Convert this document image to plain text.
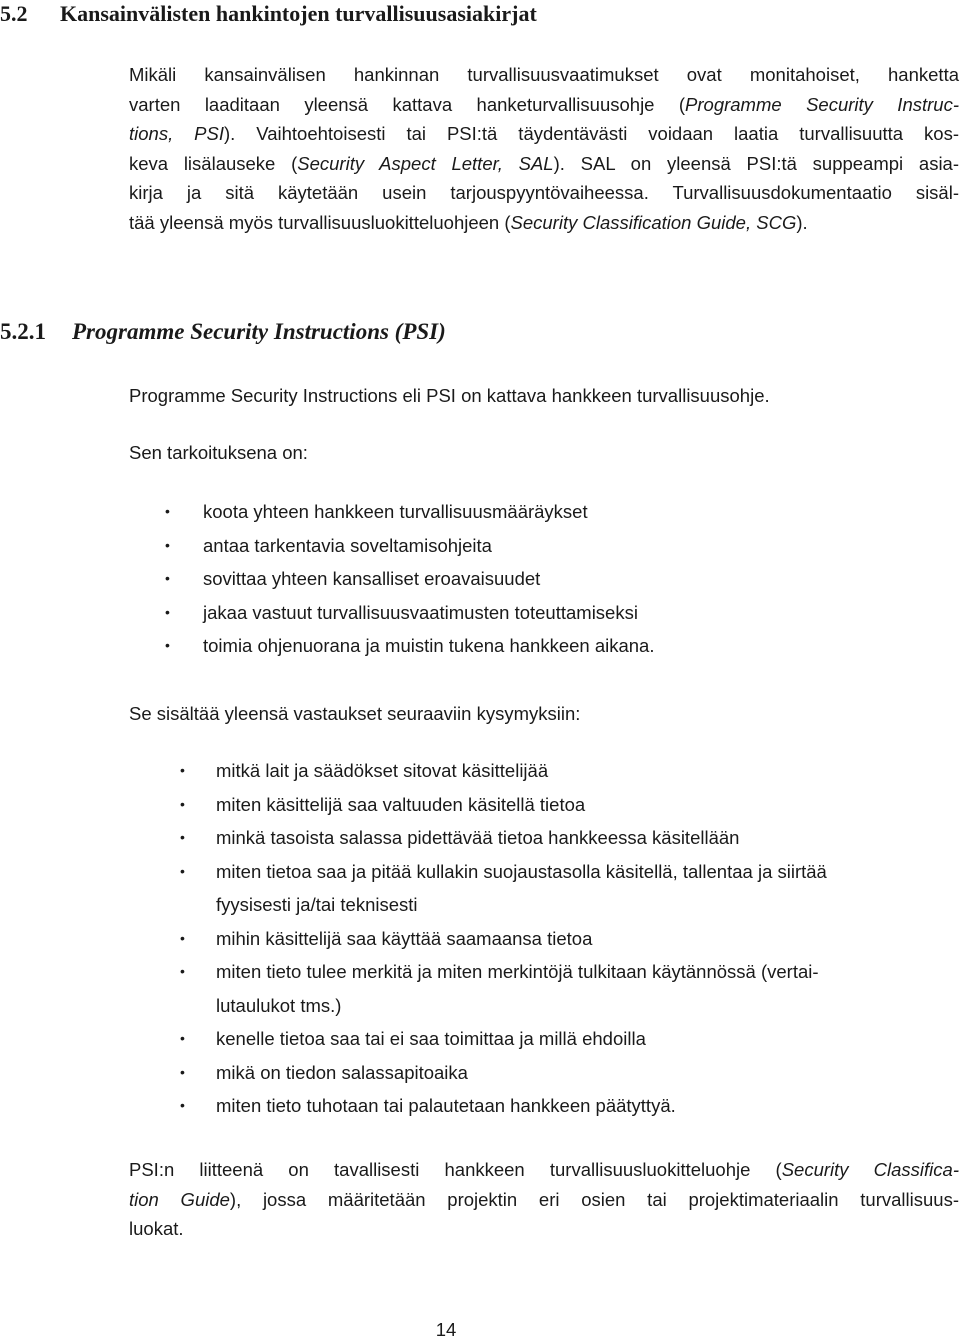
5.2 Kansainvälisten hankintojen turvallisuusasiakirjat
Mikäli kansainvälisen hankinnan turvallisuusvaatimukset ovat monitahoiset, hanketta
varten laaditaan yleensä kattava hanketurvallisuusohje (Programme Security Instruc-
tions, PSI). Vaihtoehtoisesti tai PSI:tä täydentävästi voidaan laatia turvallisuutta kos-
keva lisälauseke (Security Aspect Letter, SAL). SAL on yleensä PSI:tä suppeampi asia-
kirja ja sitä käytetään usein tarjouspyyntövaiheessa. Turvallisuusdokumentaatio sisäl-
tää yleensä myös turvallisuusluokitteluohjeen (Security Classification Guide, SCG).
5.2.1 Programme Security Instructions (PSI)
Programme Security Instructions eli PSI on kattava hankkeen turvallisuusohje.
Sen tarkoituksena on:
• koota yhteen hankkeen turvallisuusmääräykset
• antaa tarkentavia soveltamisohjeita
• sovittaa yhteen kansalliset eroavaisuudet
• jakaa vastuut turvallisuusvaatimusten toteuttamiseksi
• toimia ohjenuorana ja muistin tukena hankkeen aikana.
Se sisältää yleensä vastaukset seuraaviin kysymyksiin:
• mitkä lait ja säädökset sitovat käsittelijää
• miten käsittelijä saa valtuuden käsitellä tietoa
• minkä tasoista salassa pidettävää tietoa hankkeessa käsitellään
• miten tietoa saa ja pitää kullakin suojaustasolla käsitellä, tallentaa ja siirtää
fyysisesti ja/tai teknisesti
• mihin käsittelijä saa käyttää saamaansa tietoa
• miten tieto tulee merkitä ja miten merkintöjä tulkitaan käytännössä (vertai-
lutaulukot tms.)
• kenelle tietoa saa tai ei saa toimittaa ja millä ehdoilla
• mikä on tiedon salassapitoaika
• miten tieto tuhotaan tai palautetaan hankkeen päätyttyä.
PSI:n liitteenä on tavallisesti hankkeen turvallisuusluokitteluohje (Security Classifica-
tion Guide), jossa määritetään projektin eri osien tai projektimateriaalin turvallisuus-
luokat.
14
